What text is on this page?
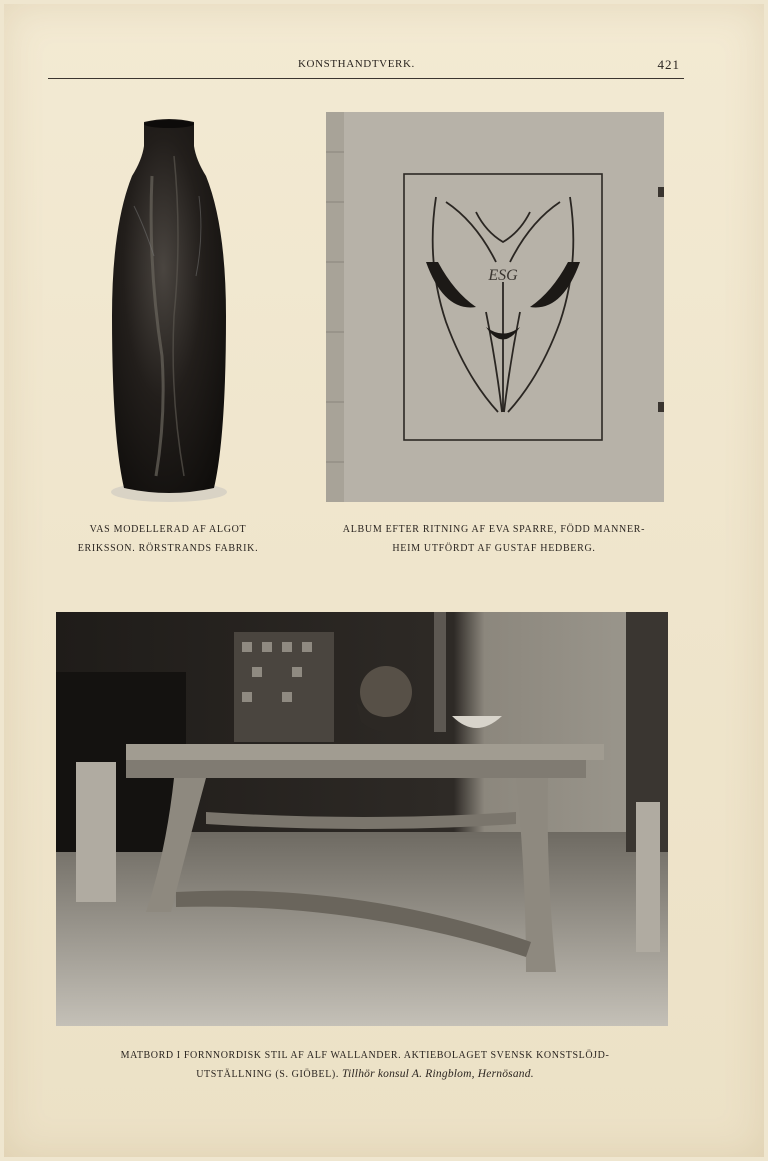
KONSTHANDTVERK.	421
ESG
VAS MODELLERAD AF ALGOT
ERIKSSON. RÖRSTRANDS FABRIK.
ALBUM EFTER RITNING AF EVA SPARRE, FÖDD MANNER-
HEIM UTFÖRDT AF GUSTAF HEDBERG.
MATBORD I FORNNORDISK STIL AF ALF WALLANDER. AKTIEBOLAGET SVENSK KONSTSLÖJD-
UTSTÄLLNING (S. GIÖBEL). Tillhör konsul A. Ringblom, Hernösand.
